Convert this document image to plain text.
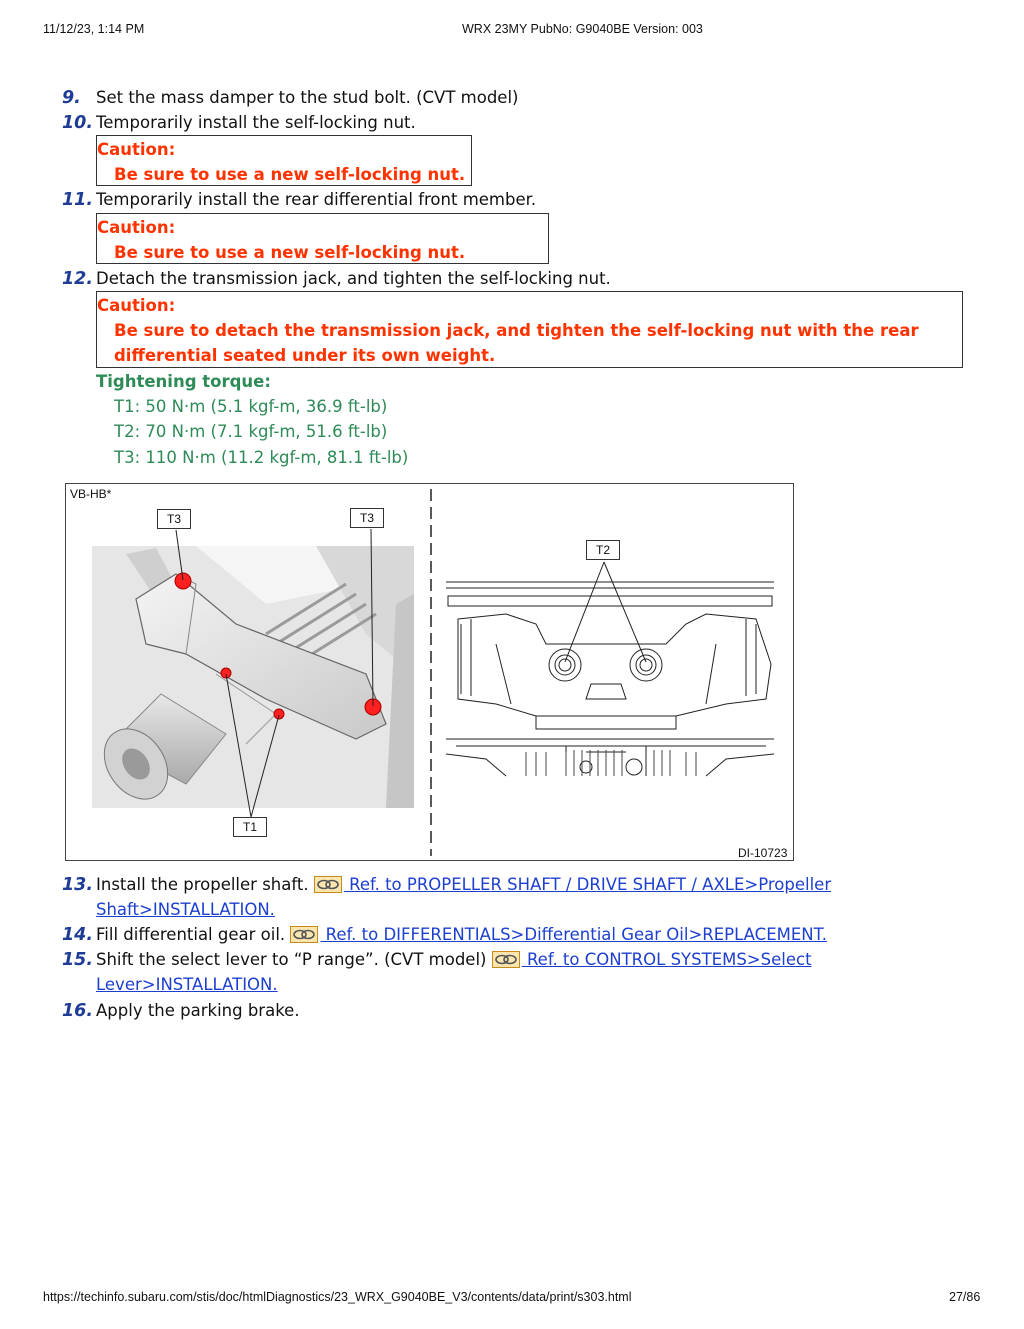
11/12/23, 1:14 PM	WRX 23MY PubNo: G9040BE Version: 003
9. Set the mass damper to the stud bolt. (CVT model)
10. Temporarily install the self-locking nut.
Caution:
Be sure to use a new self-locking nut.
11. Temporarily install the rear differential front member.
Caution:
Be sure to use a new self-locking nut.
12. Detach the transmission jack, and tighten the self-locking nut.
Caution:
Be sure to detach the transmission jack, and tighten the self-locking nut with the rear
differential seated under its own weight.
Tightening torque:
T1: 50 N·m (5.1 kgf-m, 36.9 ft-lb)
T2: 70 N·m (7.1 kgf-m, 51.6 ft-lb)
T3: 110 N·m (11.2 kgf-m, 81.1 ft-lb)
VB-HB*
T3	T3
T2
T1
DI-10723
13. Install the propeller shaft.  Ref. to PROPELLER SHAFT / DRIVE SHAFT / AXLE>Propeller
Shaft>INSTALLATION.
14. Fill differential gear oil.  Ref. to DIFFERENTIALS>Differential Gear Oil>REPLACEMENT.
15. Shift the select lever to “P range”. (CVT model)  Ref. to CONTROL SYSTEMS>Select
Lever>INSTALLATION.
16. Apply the parking brake.
https://techinfo.subaru.com/stis/doc/htmlDiagnostics/23_WRX_G9040BE_V3/contents/data/print/s303.html	27/86
